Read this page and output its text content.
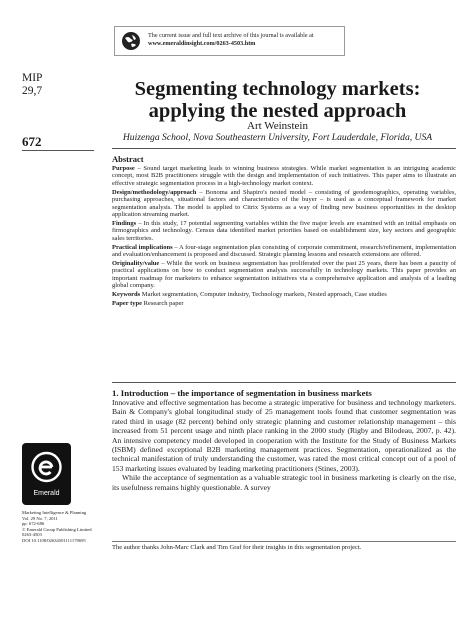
The current issue and full text archive of this journal is available at
www.emeraldinsight.com/0263-4503.htm
MIP
29,7
672
Segmenting technology markets:
applying the nested approach
Art Weinstein
Huizenga School, Nova Southeastern University, Fort Lauderdale, Florida, USA
Abstract

Purpose – Sound target marketing leads to winning business strategies. While market segmentation is an intriguing academic concept, most B2B practitioners struggle with the design and implementation of such initiatives. This paper aims to illustrate an effective strategic segmentation process in a high-technology market context.

Design/methodology/approach – Bonoma and Shapiro's nested model – consisting of geodemographics, operating variables, purchasing approaches, situational factors and characteristics of the buyer – is used as a conceptual framework for market segmentation analysis. The model is applied to Citrix Systems as a way of finding new business opportunities in the desktop application streaming market.

Findings – In this study, 17 potential segmenting variables within the five major levels are examined with an initial emphasis on firmographics and technology. Census data identified market priorities based on establishment size, key sectors and geographic sales territories.

Practical implications – A four-stage segmentation plan consisting of corporate commitment, research/refinement, implementation and evaluation/enhancement is proposed and discussed. Strategic planning lessons and research extensions are offered.

Originality/value – While the work on business segmentation has proliferated over the past 25 years, there has been a paucity of practical applications on how to conduct segmentation analysis successfully in technology markets. This paper provides an important roadmap for marketers to enhance segmentation initiatives via a comprehensive application and analysis of a leading global company.

Keywords Market segmentation, Computer industry, Technology markets, Nested approach, Case studies

Paper type Research paper

1. Introduction – the importance of segmentation in business markets

Innovative and effective segmentation has become a strategic imperative for business and technology marketers. Bain & Company's global longitudinal study of 25 management tools found that customer segmentation was rated third in usage (82 percent) behind only strategic planning and customer relationship management – this increased from 51 percent usage and ninth place ranking in the 2000 study (Rigby and Bilodeau, 2007, p. 42). An intensive competency model developed in cooperation with the Institute for the Study of Business Markets (ISBM) defined exceptional B2B marketing management practices. Segmentation, operationalized as the technical manifestation of truly understanding the customer, was rated the most critical concept out of a pool of 153 marketing issues evaluated by leading marketing practitioners (Stines, 2003).

While the acceptance of segmentation as a valuable strategic tool in business marketing is clearly on the rise, its usefulness remains highly questionable. A survey

The author thanks John-Marc Clark and Tim Graf for their insights in this segmentation project.
Emerald
Marketing Intelligence & Planning
Vol. 29 No. 7, 2011
pp. 672-686
© Emerald Group Publishing Limited
0263-4503
DOI 10.1108/02634501111178695
